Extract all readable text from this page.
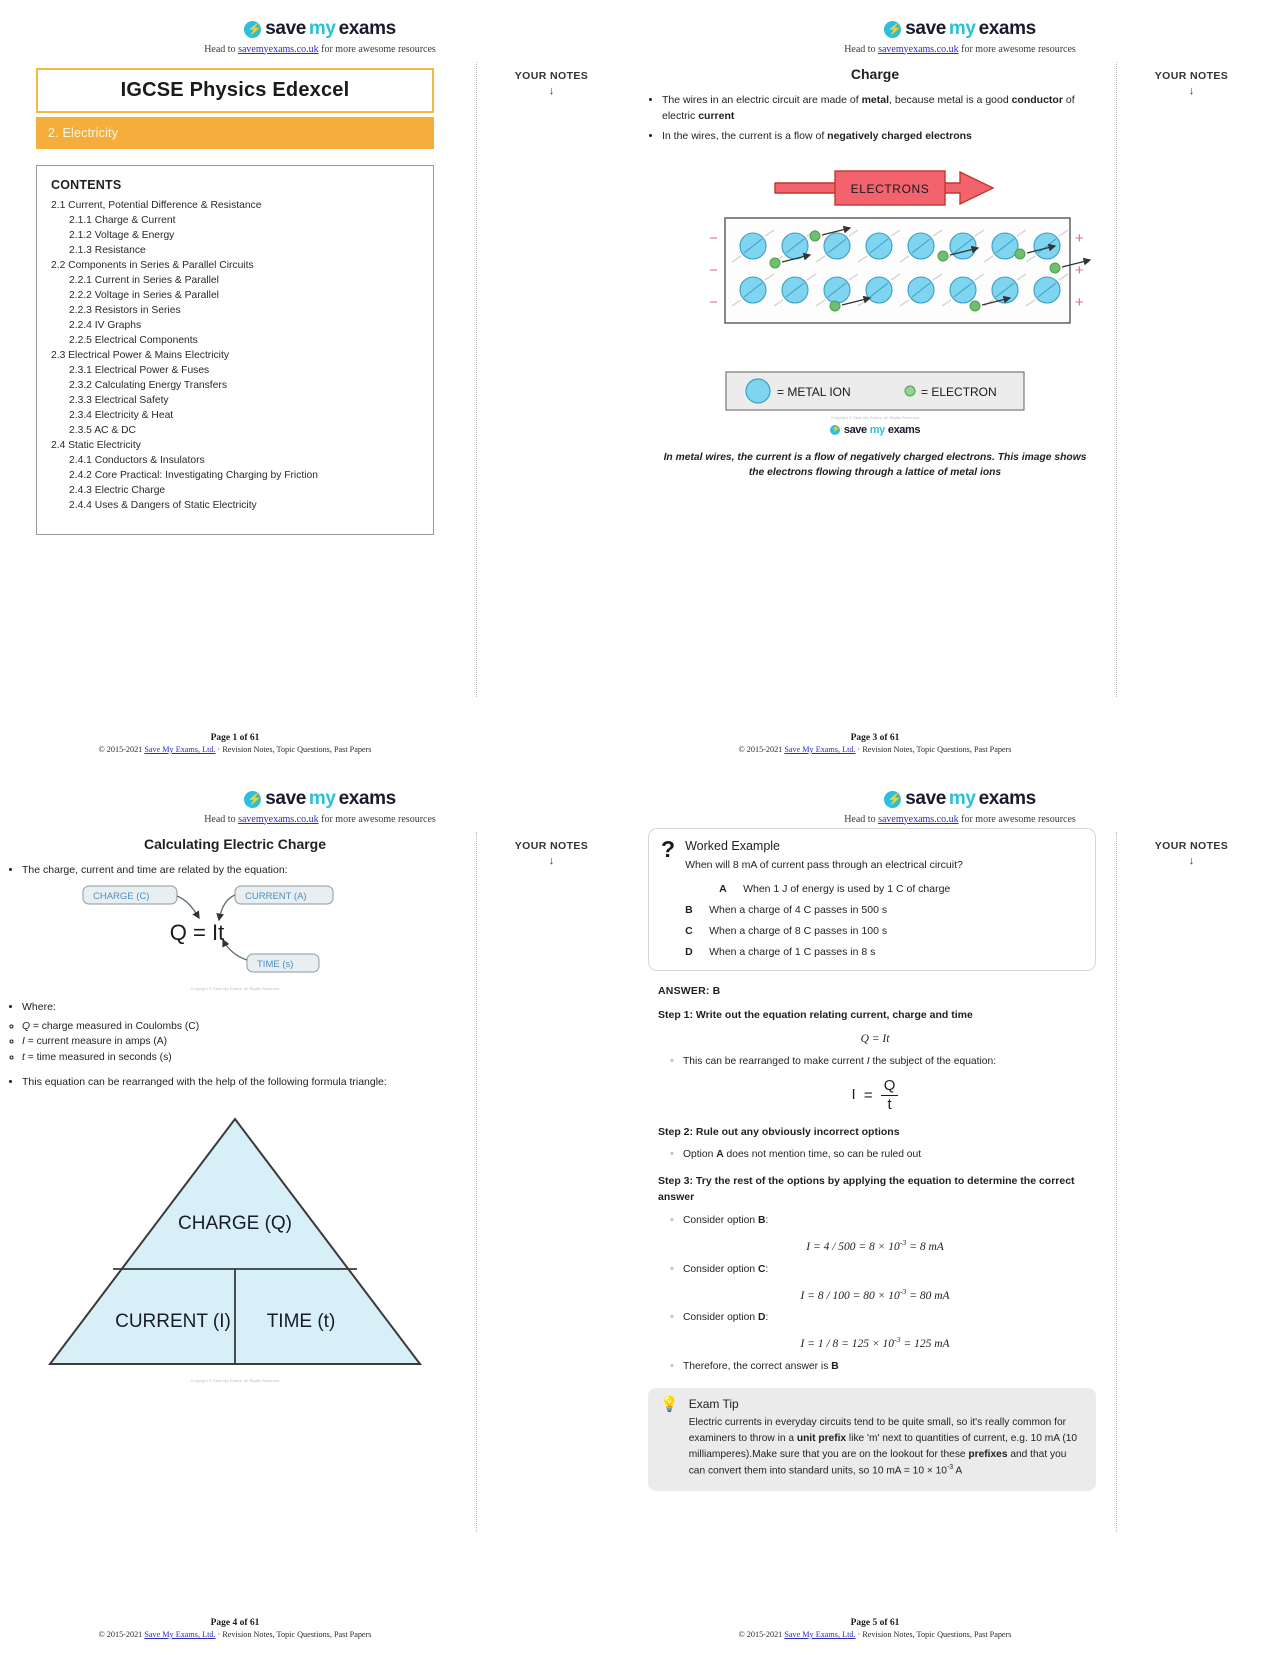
⚡
save my exams
Head to savemyexams.co.uk for more awesome resources
YOUR NOTES
↓
IGCSE Physics Edexcel
2. Electricity
CONTENTS
2.1 Current, Potential Difference & Resistance
2.1.1 Charge & Current
2.1.2 Voltage & Energy
2.1.3 Resistance
2.2 Components in Series & Parallel Circuits
2.2.1 Current in Series & Parallel
2.2.2 Voltage in Series & Parallel
2.2.3 Resistors in Series
2.2.4 IV Graphs
2.2.5 Electrical Components
2.3 Electrical Power & Mains Electricity
2.3.1 Electrical Power & Fuses
2.3.2 Calculating Energy Transfers
2.3.3 Electrical Safety
2.3.4 Electricity & Heat
2.3.5 AC & DC
2.4 Static Electricity
2.4.1 Conductors & Insulators
2.4.2 Core Practical: Investigating Charging by Friction
2.4.3 Electric Charge
2.4.4 Uses & Dangers of Static Electricity
Page 1 of 61
© 2015-2021 Save My Exams, Ltd. · Revision Notes, Topic Questions, Past Papers
⚡
save my exams
Head to savemyexams.co.uk for more awesome resources
YOUR NOTES
↓
Charge
• The wires in an electric circuit are made of metal, because metal is a good conductor of electric current
• In the wires, the current is a flow of negatively charged electrons
ELECTRONS
−
−
−
+
+
+
= METAL ION	= ELECTRON
Copyright © Save My Exams. All Rights Reserved
⚡
save my exams
In metal wires, the current is a flow of negatively charged electrons. This image shows the electrons flowing through a lattice of metal ions
Page 3 of 61
© 2015-2021 Save My Exams, Ltd. · Revision Notes, Topic Questions, Past Papers
⚡
save my exams
Head to savemyexams.co.uk for more awesome resources
YOUR NOTES
↓
Calculating Electric Charge
• The charge, current and time are related by the equation:
CHARGE (C)	CURRENT (A)
TIME (s)
Q = It
Copyright © Save My Exams. All Rights Reserved
• Where:
◦ Q = charge measured in Coulombs (C)
◦ I = current measure in amps (A)
◦ t = time measured in seconds (s)
• This equation can be rearranged with the help of the following formula triangle:
CHARGE (Q)
CURRENT (I) TIME (t)
Copyright © Save My Exams. All Rights Reserved
Page 4 of 61
© 2015-2021 Save My Exams, Ltd. · Revision Notes, Topic Questions, Past Papers
⚡
save my exams
Head to savemyexams.co.uk for more awesome resources
YOUR NOTES
↓
? Worked Example
When will 8 mA of current pass through an electrical circuit?
A	When 1 J of energy is used by 1 C of charge
B	When a charge of 4 C passes in 500 s
C	When a charge of 8 C passes in 100 s
D	When a charge of 1 C passes in 8 s
ANSWER: B
Step 1: Write out the equation relating current, charge and time
Q = It
◦ This can be rearranged to make current I the subject of the equation:
$I = \frac{Q}{t}$
Step 2: Rule out any obviously incorrect options
◦ Option A does not mention time, so can be ruled out
Step 3: Try the rest of the options by applying the equation to determine the correct answer
◦ Consider option B:
$I = 4 / 500 = 8 \times 10^{-3} = 8$ mA
◦ Consider option C:
$I = 8 / 100 = 80 \times 10^{-3} = 80$ mA
◦ Consider option D:
$I = 1 / 8 = 125 \times 10^{-3} = 125$ mA
◦ Therefore, the correct answer is B
💡 Exam Tip
Electric currents in everyday circuits tend to be quite small, so it's really common for examiners to throw in a unit prefix like 'm' next to quantities of current, e.g. 10 mA (10 milliamperes).Make sure that you are on the lookout for these prefixes and that you can convert them into standard units, so 10 mA = $10 \times 10^{-3}$ A
Page 5 of 61
© 2015-2021 Save My Exams, Ltd. · Revision Notes, Topic Questions, Past Papers
